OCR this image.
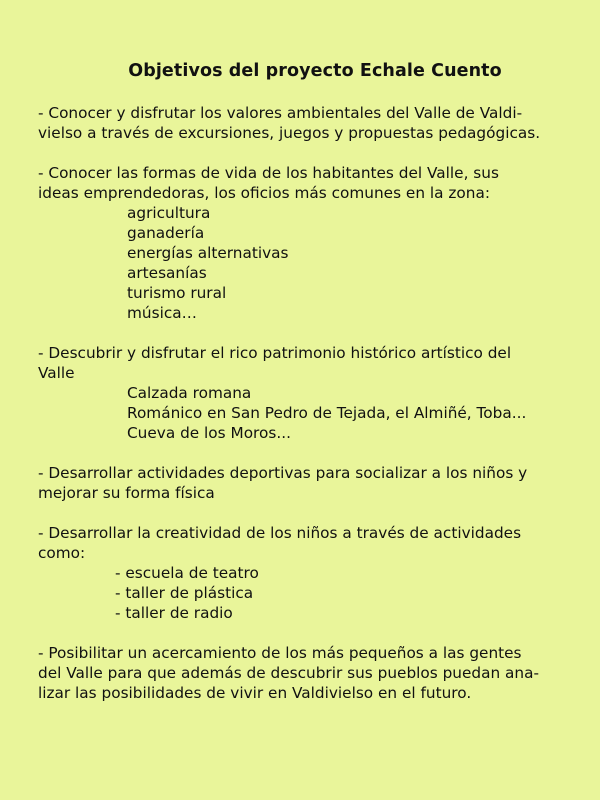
Objetivos del proyecto Echale Cuento
- Conocer y disfrutar los valores ambientales del Valle de Valdi-
vielso a través de excursiones, juegos y propuestas pedagógicas.
- Conocer las formas de vida de los habitantes del Valle, sus
ideas emprendedoras, los oficios más comunes en la zona:
agricultura
ganadería
energías alternativas
artesanías
turismo rural
música…
- Descubrir y disfrutar el rico patrimonio histórico artístico del
Valle
Calzada romana
Románico en San Pedro de Tejada, el Almiñé, Toba...
Cueva de los Moros...
- Desarrollar actividades deportivas para socializar a los niños y
mejorar su forma física
- Desarrollar la creatividad de los niños a través de actividades
como:
- escuela de teatro
- taller de plástica
- taller de radio
- Posibilitar un acercamiento de los más pequeños a las gentes
del Valle para que además de descubrir sus pueblos puedan ana-
lizar las posibilidades de vivir en Valdivielso en el futuro.
